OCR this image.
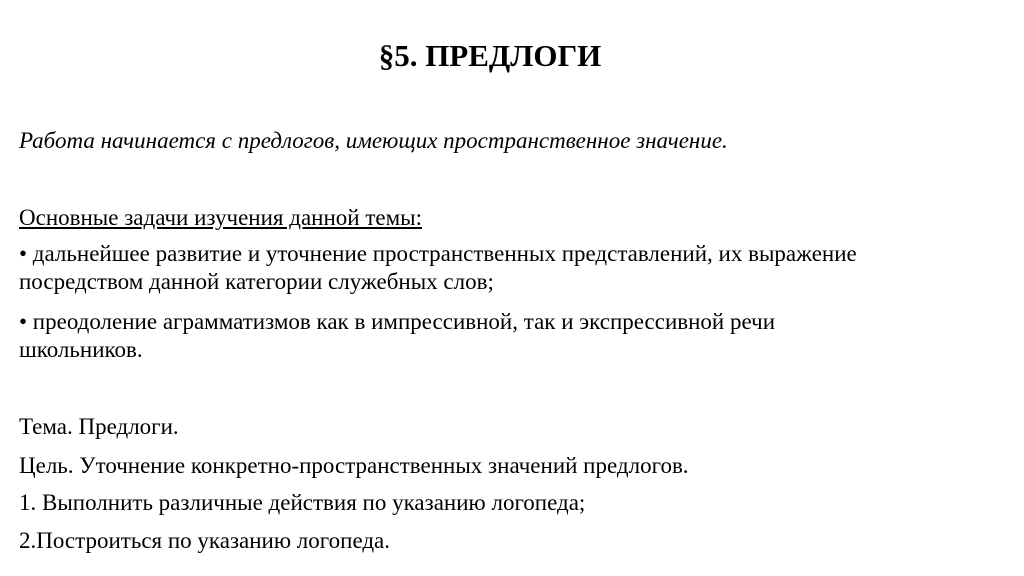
§5. ПРЕДЛОГИ
Работа начинается с предлогов, имеющих пространственное значение.
Основные задачи изучения данной темы:
• дальнейшее развитие и уточнение пространственных представлений, их выражение
посредством данной категории служебных слов;
• преодоление аграмматизмов как в импрессивной, так и экспрессивной речи
школьников.
Тема. Предлоги.
Цель. Уточнение конкретно-пространственных значений предлогов.
1. Выполнить различные действия по указанию логопеда;
2.Построиться по указанию логопеда.
